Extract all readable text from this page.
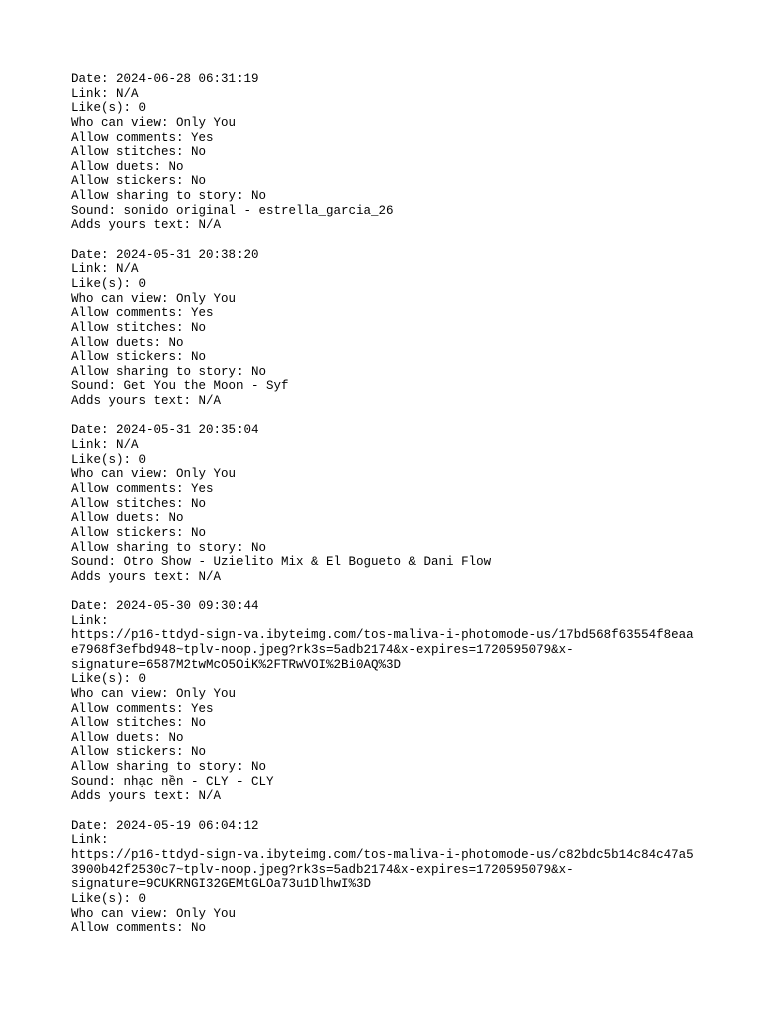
Date: 2024-06-28 06:31:19
Link: N/A
Like(s): 0
Who can view: Only You
Allow comments: Yes
Allow stitches: No
Allow duets: No
Allow stickers: No
Allow sharing to story: No
Sound: sonido original - estrella_garcia_26
Adds yours text: N/A
Date: 2024-05-31 20:38:20
Link: N/A
Like(s): 0
Who can view: Only You
Allow comments: Yes
Allow stitches: No
Allow duets: No
Allow stickers: No
Allow sharing to story: No
Sound: Get You the Moon - Syf
Adds yours text: N/A
Date: 2024-05-31 20:35:04
Link: N/A
Like(s): 0
Who can view: Only You
Allow comments: Yes
Allow stitches: No
Allow duets: No
Allow stickers: No
Allow sharing to story: No
Sound: Otro Show - Uzielito Mix & El Bogueto & Dani Flow
Adds yours text: N/A
Date: 2024-05-30 09:30:44
Link:
https://p16-ttdyd-sign-va.ibyteimg.com/tos-maliva-i-photomode-us/17bd568f63554f8eaa
e7968f3efbd948~tplv-noop.jpeg?rk3s=5adb2174&x-expires=1720595079&x-
signature=6587M2twMcO5OiK%2FTRwVOI%2Bi0AQ%3D
Like(s): 0
Who can view: Only You
Allow comments: Yes
Allow stitches: No
Allow duets: No
Allow stickers: No
Allow sharing to story: No
Sound: nhạc nền - CLY - CLY
Adds yours text: N/A
Date: 2024-05-19 06:04:12
Link:
https://p16-ttdyd-sign-va.ibyteimg.com/tos-maliva-i-photomode-us/c82bdc5b14c84c47a5
3900b42f2530c7~tplv-noop.jpeg?rk3s=5adb2174&x-expires=1720595079&x-
signature=9CUKRNGI32GEMtGLOa73u1DlhwI%3D
Like(s): 0
Who can view: Only You
Allow comments: No
